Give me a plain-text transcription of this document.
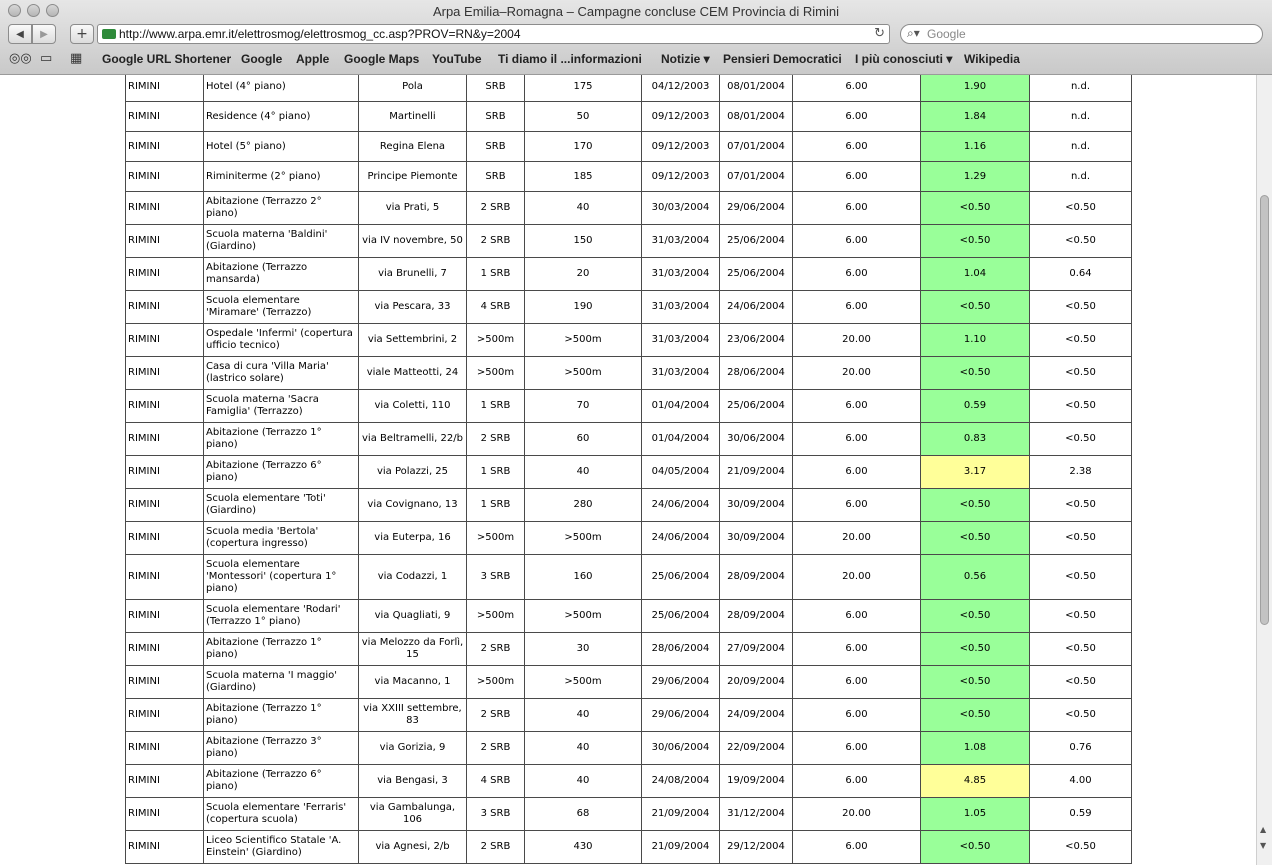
Arpa Emilia–Romagna – Campagne concluse CEM Provincia di Rimini
◀ ▶ +	http://www.arpa.emr.it/elettrosmog/elettrosmog_cc.asp?PROV=RN&y=2004	↻ ⌕▾ Google
◎◎ ▭ ▦ Google URL Shortener Google Apple Google Maps YouTube Ti diamo il ...informazioni Notizie ▾ Pensieri Democratici I più conosciuti ▾ Wikipedia
RIMINI	Hotel (4° piano)	Pola	SRB	175	04/12/2003	08/01/2004	6.00	1.90	n.d.
RIMINI	Residence (4° piano)	Martinelli	SRB	50	09/12/2003	08/01/2004	6.00	1.84	n.d.
RIMINI	Hotel (5° piano)	Regina Elena	SRB	170	09/12/2003	07/01/2004	6.00	1.16	n.d.
RIMINI	Riminiterme (2° piano)	Principe Piemonte	SRB	185	09/12/2003	07/01/2004	6.00	1.29	n.d.
RIMINI	Abitazione (Terrazzo 2° piano)	via Prati, 5	2 SRB	40	30/03/2004	29/06/2004	6.00	<0.50	<0.50
RIMINI	Scuola materna 'Baldini' (Giardino)	via IV novembre, 50	2 SRB	150	31/03/2004	25/06/2004	6.00	<0.50	<0.50
RIMINI	Abitazione (Terrazzo mansarda)	via Brunelli, 7	1 SRB	20	31/03/2004	25/06/2004	6.00	1.04	0.64
RIMINI	Scuola elementare 'Miramare' (Terrazzo)	via Pescara, 33	4 SRB	190	31/03/2004	24/06/2004	6.00	<0.50	<0.50
RIMINI	Ospedale 'Infermi' (copertura ufficio tecnico)	via Settembrini, 2	>500m	>500m	31/03/2004	23/06/2004	20.00	1.10	<0.50
RIMINI	Casa di cura 'Villa Maria' (lastrico solare)	viale Matteotti, 24	>500m	>500m	31/03/2004	28/06/2004	20.00	<0.50	<0.50
RIMINI	Scuola materna 'Sacra Famiglia' (Terrazzo)	via Coletti, 110	1 SRB	70	01/04/2004	25/06/2004	6.00	0.59	<0.50
RIMINI	Abitazione (Terrazzo 1° piano)	via Beltramelli, 22/b	2 SRB	60	01/04/2004	30/06/2004	6.00	0.83	<0.50
RIMINI	Abitazione (Terrazzo 6° piano)	via Polazzi, 25	1 SRB	40	04/05/2004	21/09/2004	6.00	3.17	2.38
RIMINI	Scuola elementare 'Toti' (Giardino)	via Covignano, 13	1 SRB	280	24/06/2004	30/09/2004	6.00	<0.50	<0.50
RIMINI	Scuola media 'Bertola' (copertura ingresso)	via Euterpa, 16	>500m	>500m	24/06/2004	30/09/2004	20.00	<0.50	<0.50
RIMINI	Scuola elementare 'Montessori' (copertura 1° piano)	via Codazzi, 1	3 SRB	160	25/06/2004	28/09/2004	20.00	0.56	<0.50
RIMINI	Scuola elementare 'Rodari' (Terrazzo 1° piano)	via Quagliati, 9	>500m	>500m	25/06/2004	28/09/2004	6.00	<0.50	<0.50
RIMINI	Abitazione (Terrazzo 1° piano)	via Melozzo da Forlì, 15	2 SRB	30	28/06/2004	27/09/2004	6.00	<0.50	<0.50
RIMINI	Scuola materna 'I maggio' (Giardino)	via Macanno, 1	>500m	>500m	29/06/2004	20/09/2004	6.00	<0.50	<0.50
RIMINI	Abitazione (Terrazzo 1° piano)	via XXIII settembre, 83	2 SRB	40	29/06/2004	24/09/2004	6.00	<0.50	<0.50
RIMINI	Abitazione (Terrazzo 3° piano)	via Gorizia, 9	2 SRB	40	30/06/2004	22/09/2004	6.00	1.08	0.76
RIMINI	Abitazione (Terrazzo 6° piano)	via Bengasi, 3	4 SRB	40	24/08/2004	19/09/2004	6.00	4.85	4.00
RIMINI	Scuola elementare 'Ferraris' (copertura scuola)	via Gambalunga, 106	3 SRB	68	21/09/2004	31/12/2004	20.00	1.05	0.59
RIMINI	Liceo Scientifico Statale 'A. Einstein' (Giardino)	via Agnesi, 2/b	2 SRB	430	21/09/2004	29/12/2004	6.00	<0.50	<0.50
▲
▼
